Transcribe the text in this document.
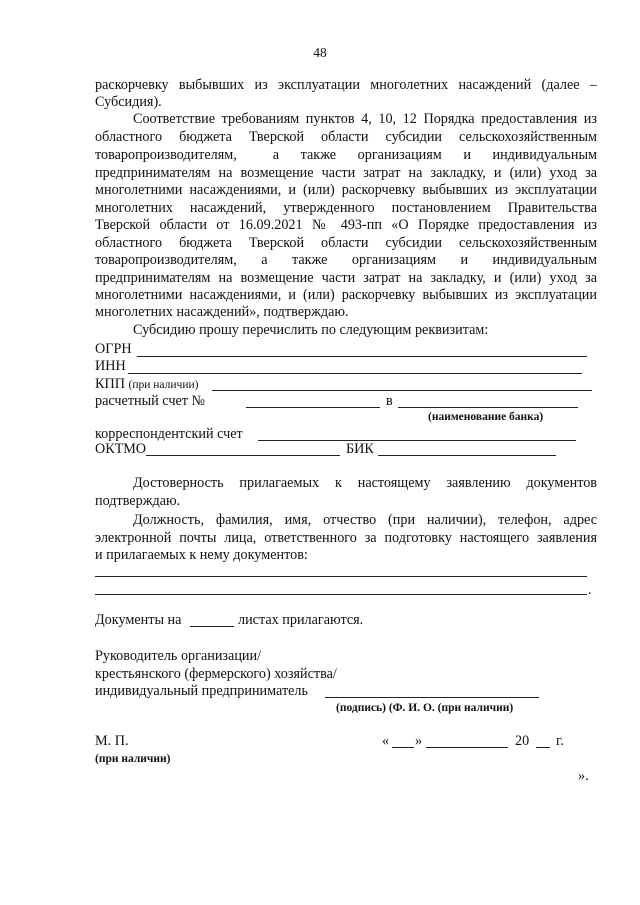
48
раскорчевку выбывших из эксплуатации многолетних насаждений (далее –
Субсидия).
Соответствие требованиям пунктов 4, 10, 12 Порядка предоставления из
областного бюджета Тверской области субсидии сельскохозяйственным
товаропроизводителям,     а   также   организациям   и   индивидуальным
предпринимателям на возмещение части затрат на закладку, и (или) уход за
многолетними насаждениями, и (или) раскорчевку выбывших из эксплуатации
многолетних насаждений, утвержденного постановлением Правительства
Тверской области от 16.09.2021 № 493-пп «О Порядке предоставления из
областного бюджета Тверской области субсидии сельскохозяйственным
товаропроизводителям,   а   также   организациям   и   индивидуальным
предпринимателям на возмещение части затрат на закладку, и (или) уход за
многолетними насаждениями, и (или) раскорчевку выбывших из эксплуатации
многолетних насаждений», подтверждаю.
Субсидию прошу перечислить по следующим реквизитам:
ОГРН
ИНН
КПП (при наличии)
расчетный счет №	в
(наименование банка)
корреспондентский счет
ОКТМО	БИК
Достоверность прилагаемых к настоящему заявлению документов
подтверждаю.
Должность, фамилия, имя, отчество (при наличии), телефон, адрес
электронной почты лица, ответственного за подготовку настоящего заявления
и прилагаемых к нему документов:
.
Документы на	листах прилагаются.
Руководитель организации/
крестьянского (фермерского) хозяйства/
индивидуальный предприниматель
(подпись) (Ф. И. О. (при наличии)
М. П.
(при наличии)
« »	20 г.
».
